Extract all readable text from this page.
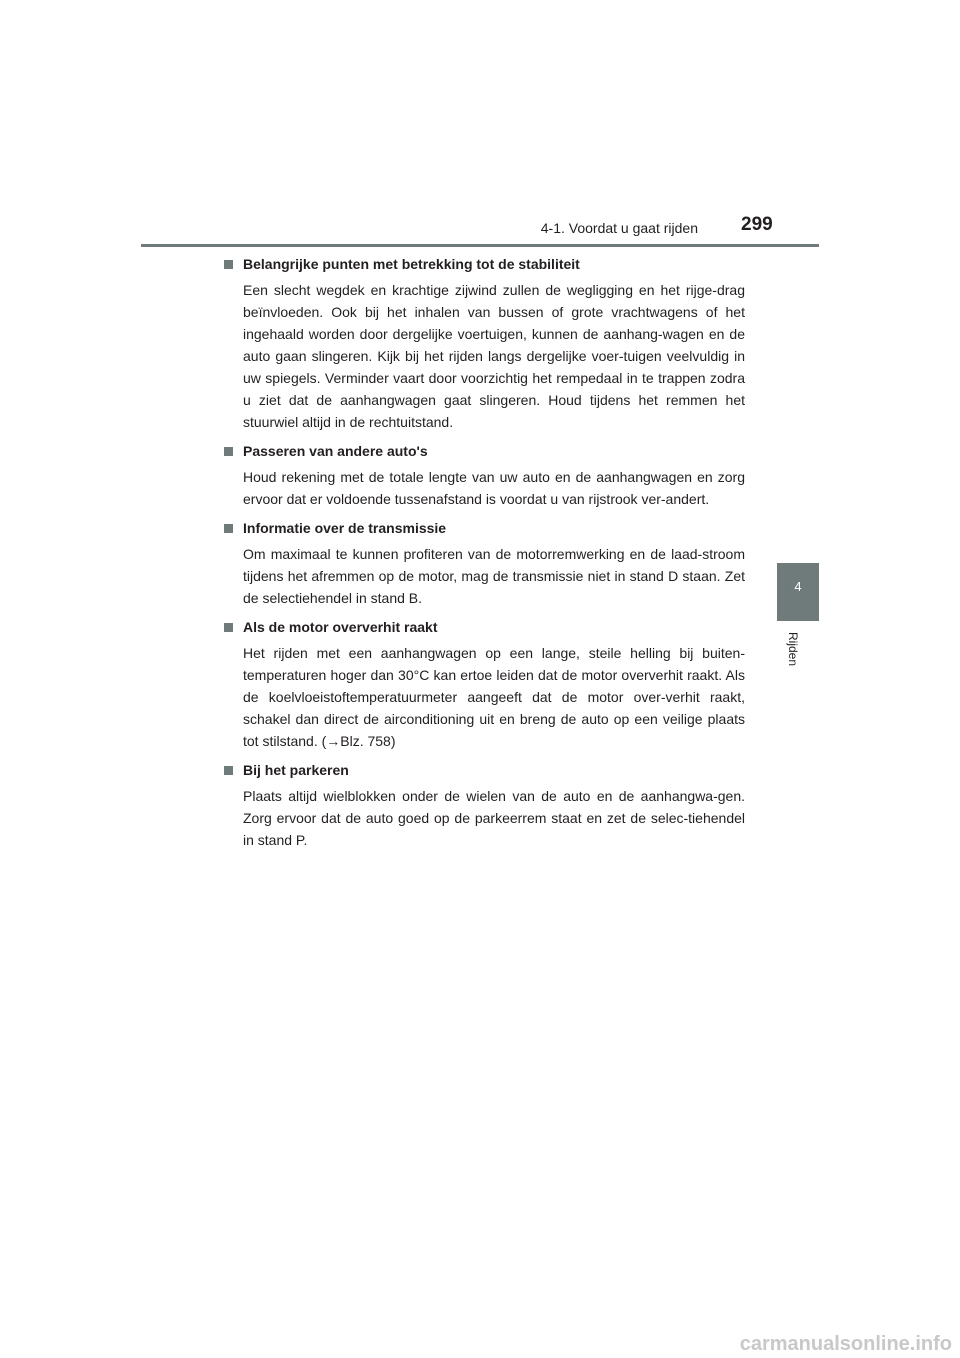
4-1. Voordat u gaat rijden 299
4
Rijden
Belangrijke punten met betrekking tot de stabiliteit
Een slecht wegdek en krachtige zijwind zullen de wegligging en het rijge-drag beïnvloeden. Ook bij het inhalen van bussen of grote vrachtwagens of het ingehaald worden door dergelijke voertuigen, kunnen de aanhang-wagen en de auto gaan slingeren. Kijk bij het rijden langs dergelijke voer-tuigen veelvuldig in uw spiegels. Verminder vaart door voorzichtig het rempedaal in te trappen zodra u ziet dat de aanhangwagen gaat slingeren. Houd tijdens het remmen het stuurwiel altijd in de rechtuitstand.
Passeren van andere auto's
Houd rekening met de totale lengte van uw auto en de aanhangwagen en zorg ervoor dat er voldoende tussenafstand is voordat u van rijstrook ver-andert.
Informatie over de transmissie
Om maximaal te kunnen profiteren van de motorremwerking en de laad-stroom tijdens het afremmen op de motor, mag de transmissie niet in stand D staan. Zet de selectiehendel in stand B.
Als de motor oververhit raakt
Het rijden met een aanhangwagen op een lange, steile helling bij buiten-temperaturen hoger dan 30°C kan ertoe leiden dat de motor oververhit raakt. Als de koelvloeistoftemperatuurmeter aangeeft dat de motor over-verhit raakt, schakel dan direct de airconditioning uit en breng de auto op een veilige plaats tot stilstand. (→Blz. 758)
Bij het parkeren
Plaats altijd wielblokken onder de wielen van de auto en de aanhangwa-gen. Zorg ervoor dat de auto goed op de parkeerrem staat en zet de selec-tiehendel in stand P.
carmanualsonline.info
